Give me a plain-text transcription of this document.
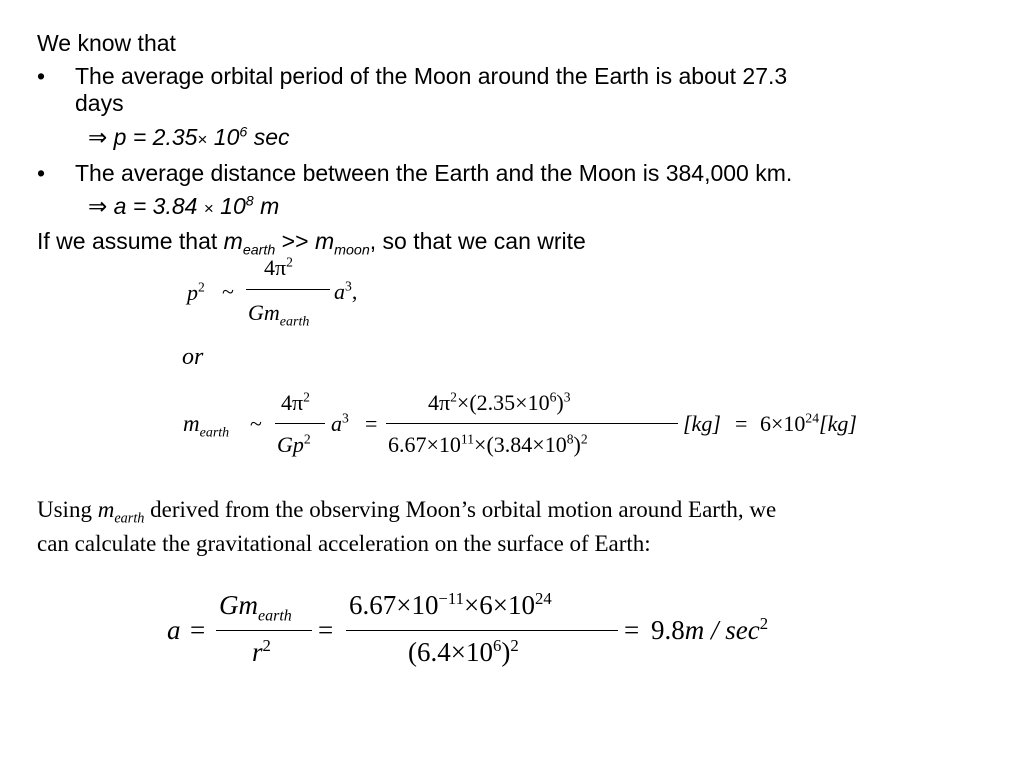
We know that
• The average orbital period of the Moon around the Earth is about 27.3
days
⇒ $p = 2.35\times 10^6$ sec
• The average distance between the Earth and the Moon is 384,000 km.
⇒ $a = 3.84 \times 10^8$ m
If we assume that $m_{earth} >> m_{moon}$, so that we can write
$p^2$ ~
$4\pi^2$
$Gm_{earth}$
$a^3$,
or
$m_{earth}$ ~
$4\pi^2$
Gp$^2$
$a^3$ =
$4\pi^2\times(2.35\times 10^6)^3$
$6.67\times 10^{11}\times(3.84\times 10^8)^2$
$[kg] = 6\times 10^{24}[kg]$
Using $m_{earth}$ derived from the observing Moon’s orbital motion around Earth, we
can calculate the gravitational acceleration on the surface of Earth:
a =
$Gm_{earth}$
$r^2$
=
$6.67\times 10^{-11}\times 6\times 10^{24}$
$(6.4\times 10^6)^2$
= $9.8m / \sec^2$
